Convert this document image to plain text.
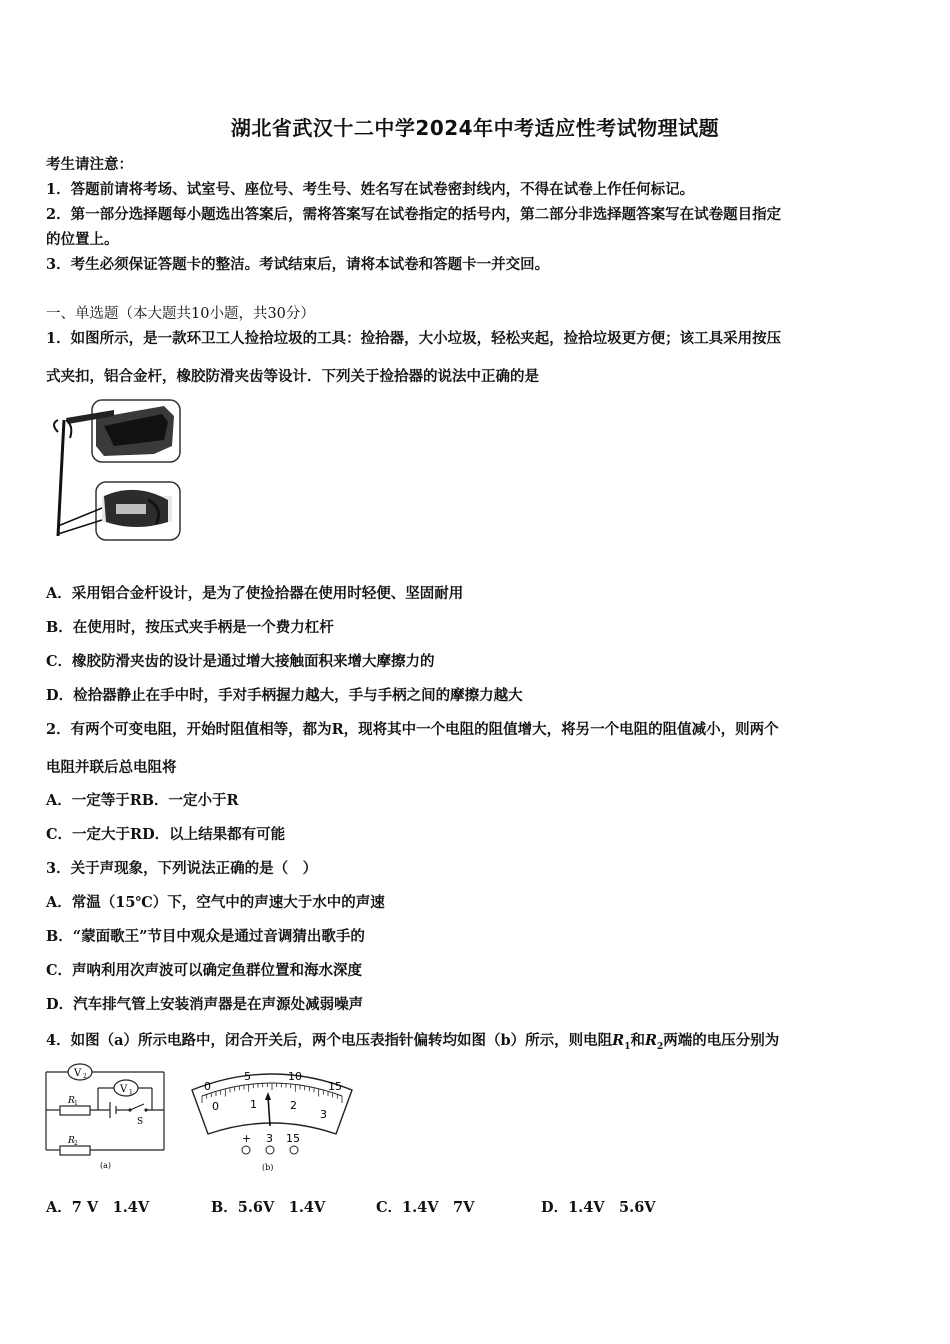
湖北省武汉十二中学2024年中考适应性考试物理试题
考生请注意：
1．答题前请将考场、试室号、座位号、考生号、姓名写在试卷密封线内，不得在试卷上作任何标记。
2．第一部分选择题每小题选出答案后，需将答案写在试卷指定的括号内，第二部分非选择题答案写在试卷题目指定
的位置上。
3．考生必须保证答题卡的整洁。考试结束后，请将本试卷和答题卡一并交回。
一、单选题（本大题共10小题，共30分）
1．如图所示，是一款环卫工人捡拾垃圾的工具：捡拾器，大小垃圾，轻松夹起，捡拾垃圾更方便；该工具采用按压
式夹扣，铝合金杆，橡胶防滑夹齿等设计．下列关于捡拾器的说法中正确的是
A．采用铝合金杆设计，是为了使捡拾器在使用时轻便、坚固耐用
B．在使用时，按压式夹手柄是一个费力杠杆
C．橡胶防滑夹齿的设计是通过增大接触面积来增大摩擦力的
D．检拾器静止在手中时，手对手柄握力越大，手与手柄之间的摩擦力越大
2．有两个可变电阻，开始时阻值相等，都为R，现将其中一个电阻的阻值增大，将另一个电阻的阻值减小，则两个
电阻并联后总电阻将
A．一定等于RB．一定小于R
C．一定大于RD．以上结果都有可能
3．关于声现象，下列说法正确的是（　）
A．常温（15℃）下，空气中的声速大于水中的声速
B．“蒙面歌王”节目中观众是通过音调猜出歌手的
C．声呐利用次声波可以确定鱼群位置和海水深度
D．汽车排气管上安装消声器是在声源处减弱噪声
4．如图（a）所示电路中，闭合开关后，两个电压表指针偏转均如图（b）所示，则电阻$R_1$和$R_2$两端的电压分别为
V 2
V 1
R 1
S
R 2
(a)
0
5	10
15
0	1	2
3
+ 3 15
(b)
A．7 V　1.4V	B．5.6V　1.4V	C．1.4V　7V	D．1.4V　5.6V
